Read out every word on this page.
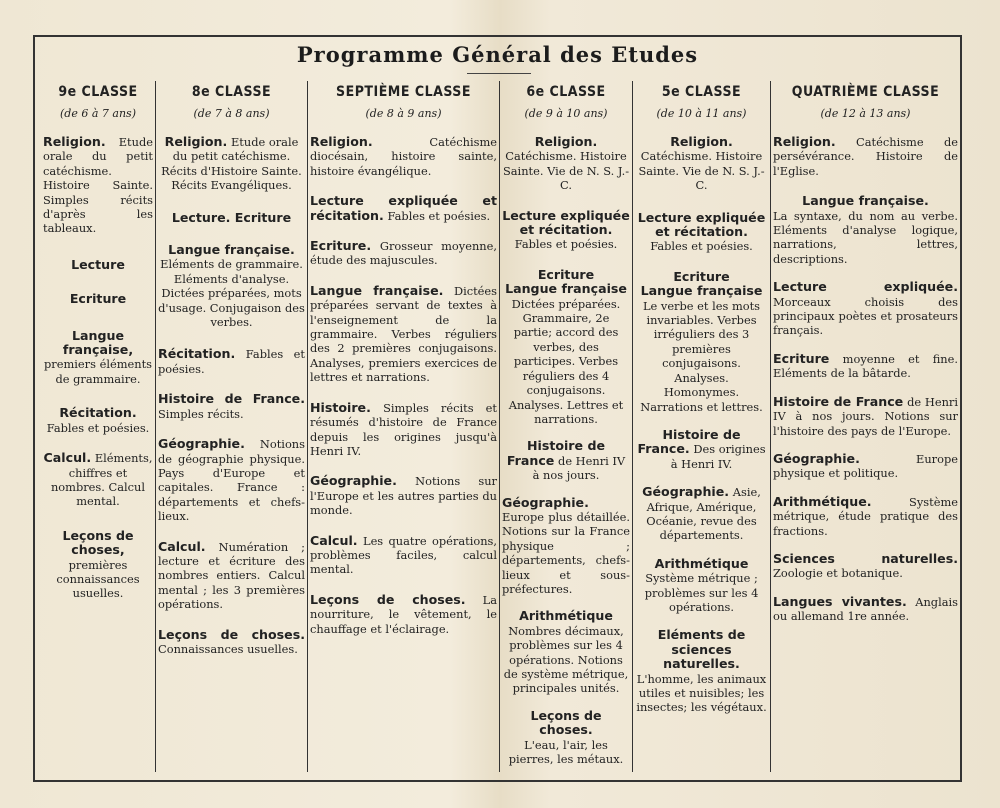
Programme Général des Etudes
9e CLASSE
(de 6 à 7 ans)
Religion. Etude orale du petit catéchisme. Histoire Sainte. Simples récits d'après les tableaux.
Lecture
Ecriture
Langue française, premiers éléments de grammaire.
Récitation. Fables et poésies.
Calcul. Eléments, chiffres et nombres. Calcul mental.
Leçons de choses, premières connaissances usuelles.
8e CLASSE
(de 7 à 8 ans)
Religion. Etude orale du petit catéchisme. Récits d'Histoire Sainte. Récits Evangéliques.
Lecture. Ecriture
Langue française. Eléments de grammaire. Eléments d'analyse. Dictées préparées, mots d'usage. Conjugaison des verbes.
Récitation. Fables et poésies.
Histoire de France. Simples récits.
Géographie. Notions de géographie physique. Pays d'Europe et capitales. France : départements et chefs-lieux.
Calcul. Numération ; lecture et écriture des nombres entiers. Calcul mental ; les 3 premières opérations.
Leçons de choses. Connaissances usuelles.
SEPTIÈME CLASSE
(de 8 à 9 ans)
Religion.	Catéchisme diocésain, histoire sainte, histoire évangélique.
Lecture expliquée et récitation. Fables et poésies.
Ecriture. Grosseur moyenne, étude des majuscules.
Langue française. Dictées préparées servant de textes à l'enseignement de la grammaire. Verbes réguliers des 2 premières conjugaisons. Analyses, premiers exercices de lettres et narrations.
Histoire. Simples récits et résumés d'histoire de France depuis les origines jusqu'à Henri IV.
Géographie. Notions sur l'Europe et les autres parties du monde.
Calcul. Les quatre opérations, problèmes faciles, calcul mental.
Leçons de choses. La nourriture, le vêtement, le chauffage et l'éclairage.
6e CLASSE
(de 9 à 10 ans)
Religion.
Catéchisme. Histoire Sainte. Vie de N. S. J.-C.
Lecture expliquée et récitation.
Fables et poésies.
Ecriture
Langue française
Dictées préparées. Grammaire, 2e partie; accord des verbes, des participes. Verbes réguliers des 4 conjugaisons. Analyses. Lettres et narrations.
Histoire de France de Henri IV à nos jours.
Géographie. Europe plus détaillée. Notions sur la France physique ; départements, chefs-lieux et sous-préfectures.
Arithmétique
Nombres décimaux, problèmes sur les 4 opérations. Notions de système métrique, principales unités.
Leçons de choses.
L'eau, l'air, les pierres, les métaux.
5e CLASSE
(de 10 à 11 ans)
Religion.
Catéchisme. Histoire Sainte. Vie de N. S. J.-C.
Lecture expliquée et récitation.
Fables et poésies.
Ecriture
Langue française
Le verbe et les mots invariables. Verbes irréguliers des 3 premières conjugaisons. Analyses. Homonymes. Narrations et lettres.
Histoire de France. Des origines à Henri IV.
Géographie. Asie, Afrique, Amérique, Océanie, revue des départements.
Arithmétique
Système métrique ; problèmes sur les 4 opérations.
Eléments de sciences naturelles. L'homme, les animaux utiles et nuisibles; les insectes; les végétaux.
QUATRIÈME CLASSE
(de 12 à 13 ans)
Religion. Catéchisme de persévérance. Histoire de l'Eglise.
Langue française.
La syntaxe, du nom au verbe. Eléments d'analyse logique, narrations, lettres, descriptions.
Lecture expliquée. Morceaux choisis des principaux poètes et prosateurs français.
Ecriture moyenne et fine. Eléments de la bâtarde.
Histoire de France de Henri IV à nos jours. Notions sur l'histoire des pays de l'Europe.
Géographie.	Europe physique et politique.
Arithmétique.	Système métrique, étude pratique des fractions.
Sciences naturelles. Zoologie et botanique.
Langues vivantes. Anglais ou allemand 1re année.
